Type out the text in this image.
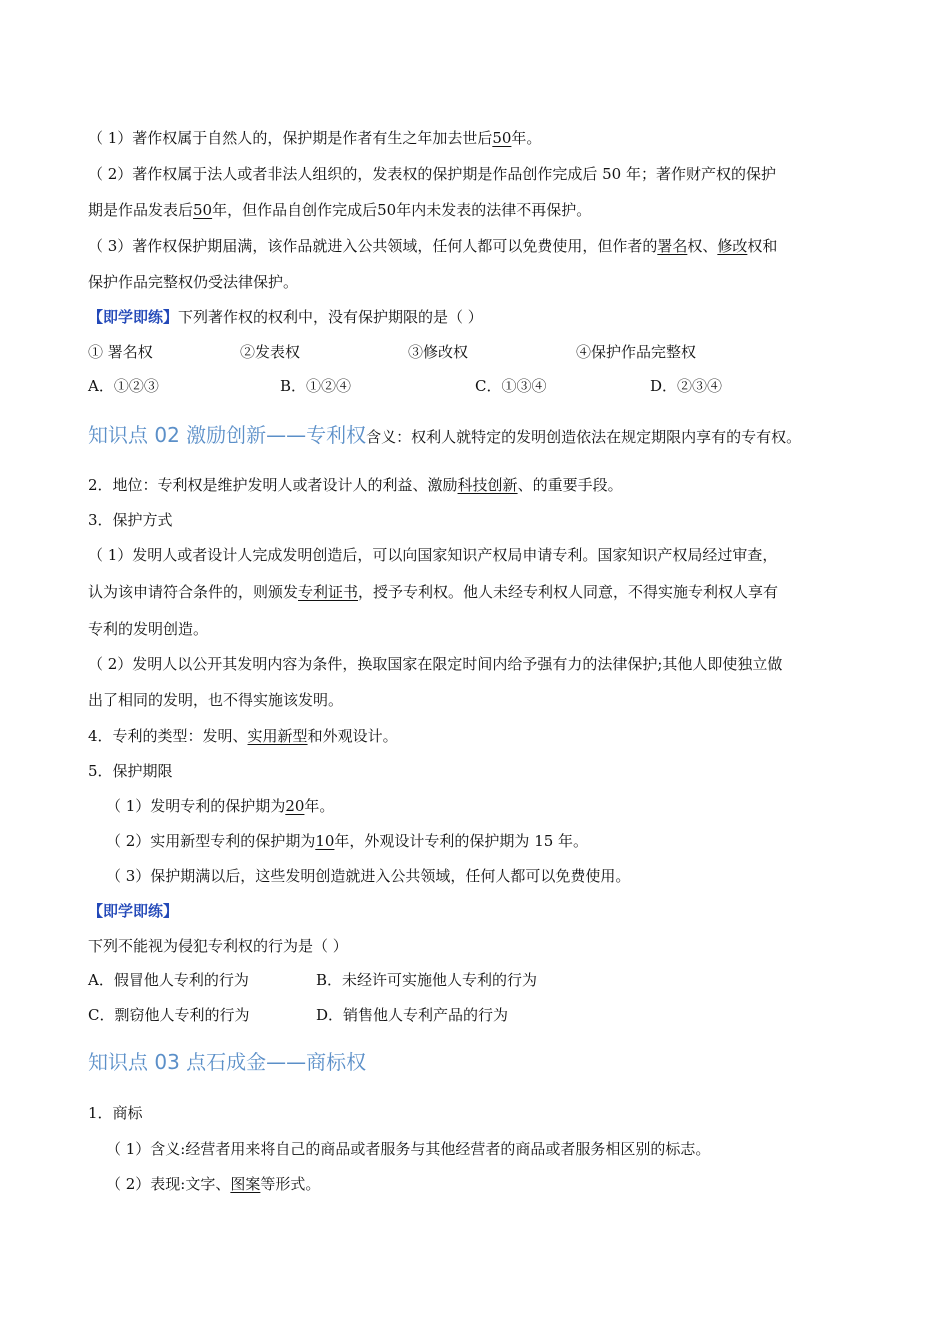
（ 1）著作权属于自然人的，保护期是作者有生之年加去世后50年。
（ 2）著作权属于法人或者非法人组织的，发表权的保护期是作品创作完成后 50 年；著作财产权的保护
期是作品发表后50年，但作品自创作完成后50年内未发表的法律不再保护。
（ 3）著作权保护期届满，该作品就进入公共领域，任何人都可以免费使用，但作者的署名权、修改权和
保护作品完整权仍受法律保护。
【即学即练】下列著作权的权利中，没有保护期限的是（ ）
① 署名权	②发表权	③修改权	④保护作品完整权
A．①②③	B．①②④	C．①③④	D．②③④
知识点 02 激励创新——专利权含义：权利人就特定的发明创造依法在规定期限内享有的专有权。
2．地位：专利权是维护发明人或者设计人的利益、激励科技创新、的重要手段。
3．保护方式
（ 1）发明人或者设计人完成发明创造后，可以向国家知识产权局申请专利。国家知识产权局经过审查，
认为该申请符合条件的，则颁发专利证书，授予专利权。他人未经专利权人同意，不得实施专利权人享有
专利的发明创造。
（ 2）发明人以公开其发明内容为条件，换取国家在限定时间内给予强有力的法律保护;其他人即使独立做
出了相同的发明，也不得实施该发明。
4．专利的类型：发明、实用新型和外观设计。
5．保护期限
（ 1）发明专利的保护期为20年。
（ 2）实用新型专利的保护期为10年，外观设计专利的保护期为 15 年。
（ 3）保护期满以后，这些发明创造就进入公共领域，任何人都可以免费使用。
【即学即练】
下列不能视为侵犯专利权的行为是（ ）
A．假冒他人专利的行为	B．未经许可实施他人专利的行为
C．剽窃他人专利的行为	D．销售他人专利产品的行为
知识点 03 点石成金——商标权
1．商标
（ 1）含义:经营者用来将自己的商品或者服务与其他经营者的商品或者服务相区别的标志。
（ 2）表现:文字、图案等形式。
